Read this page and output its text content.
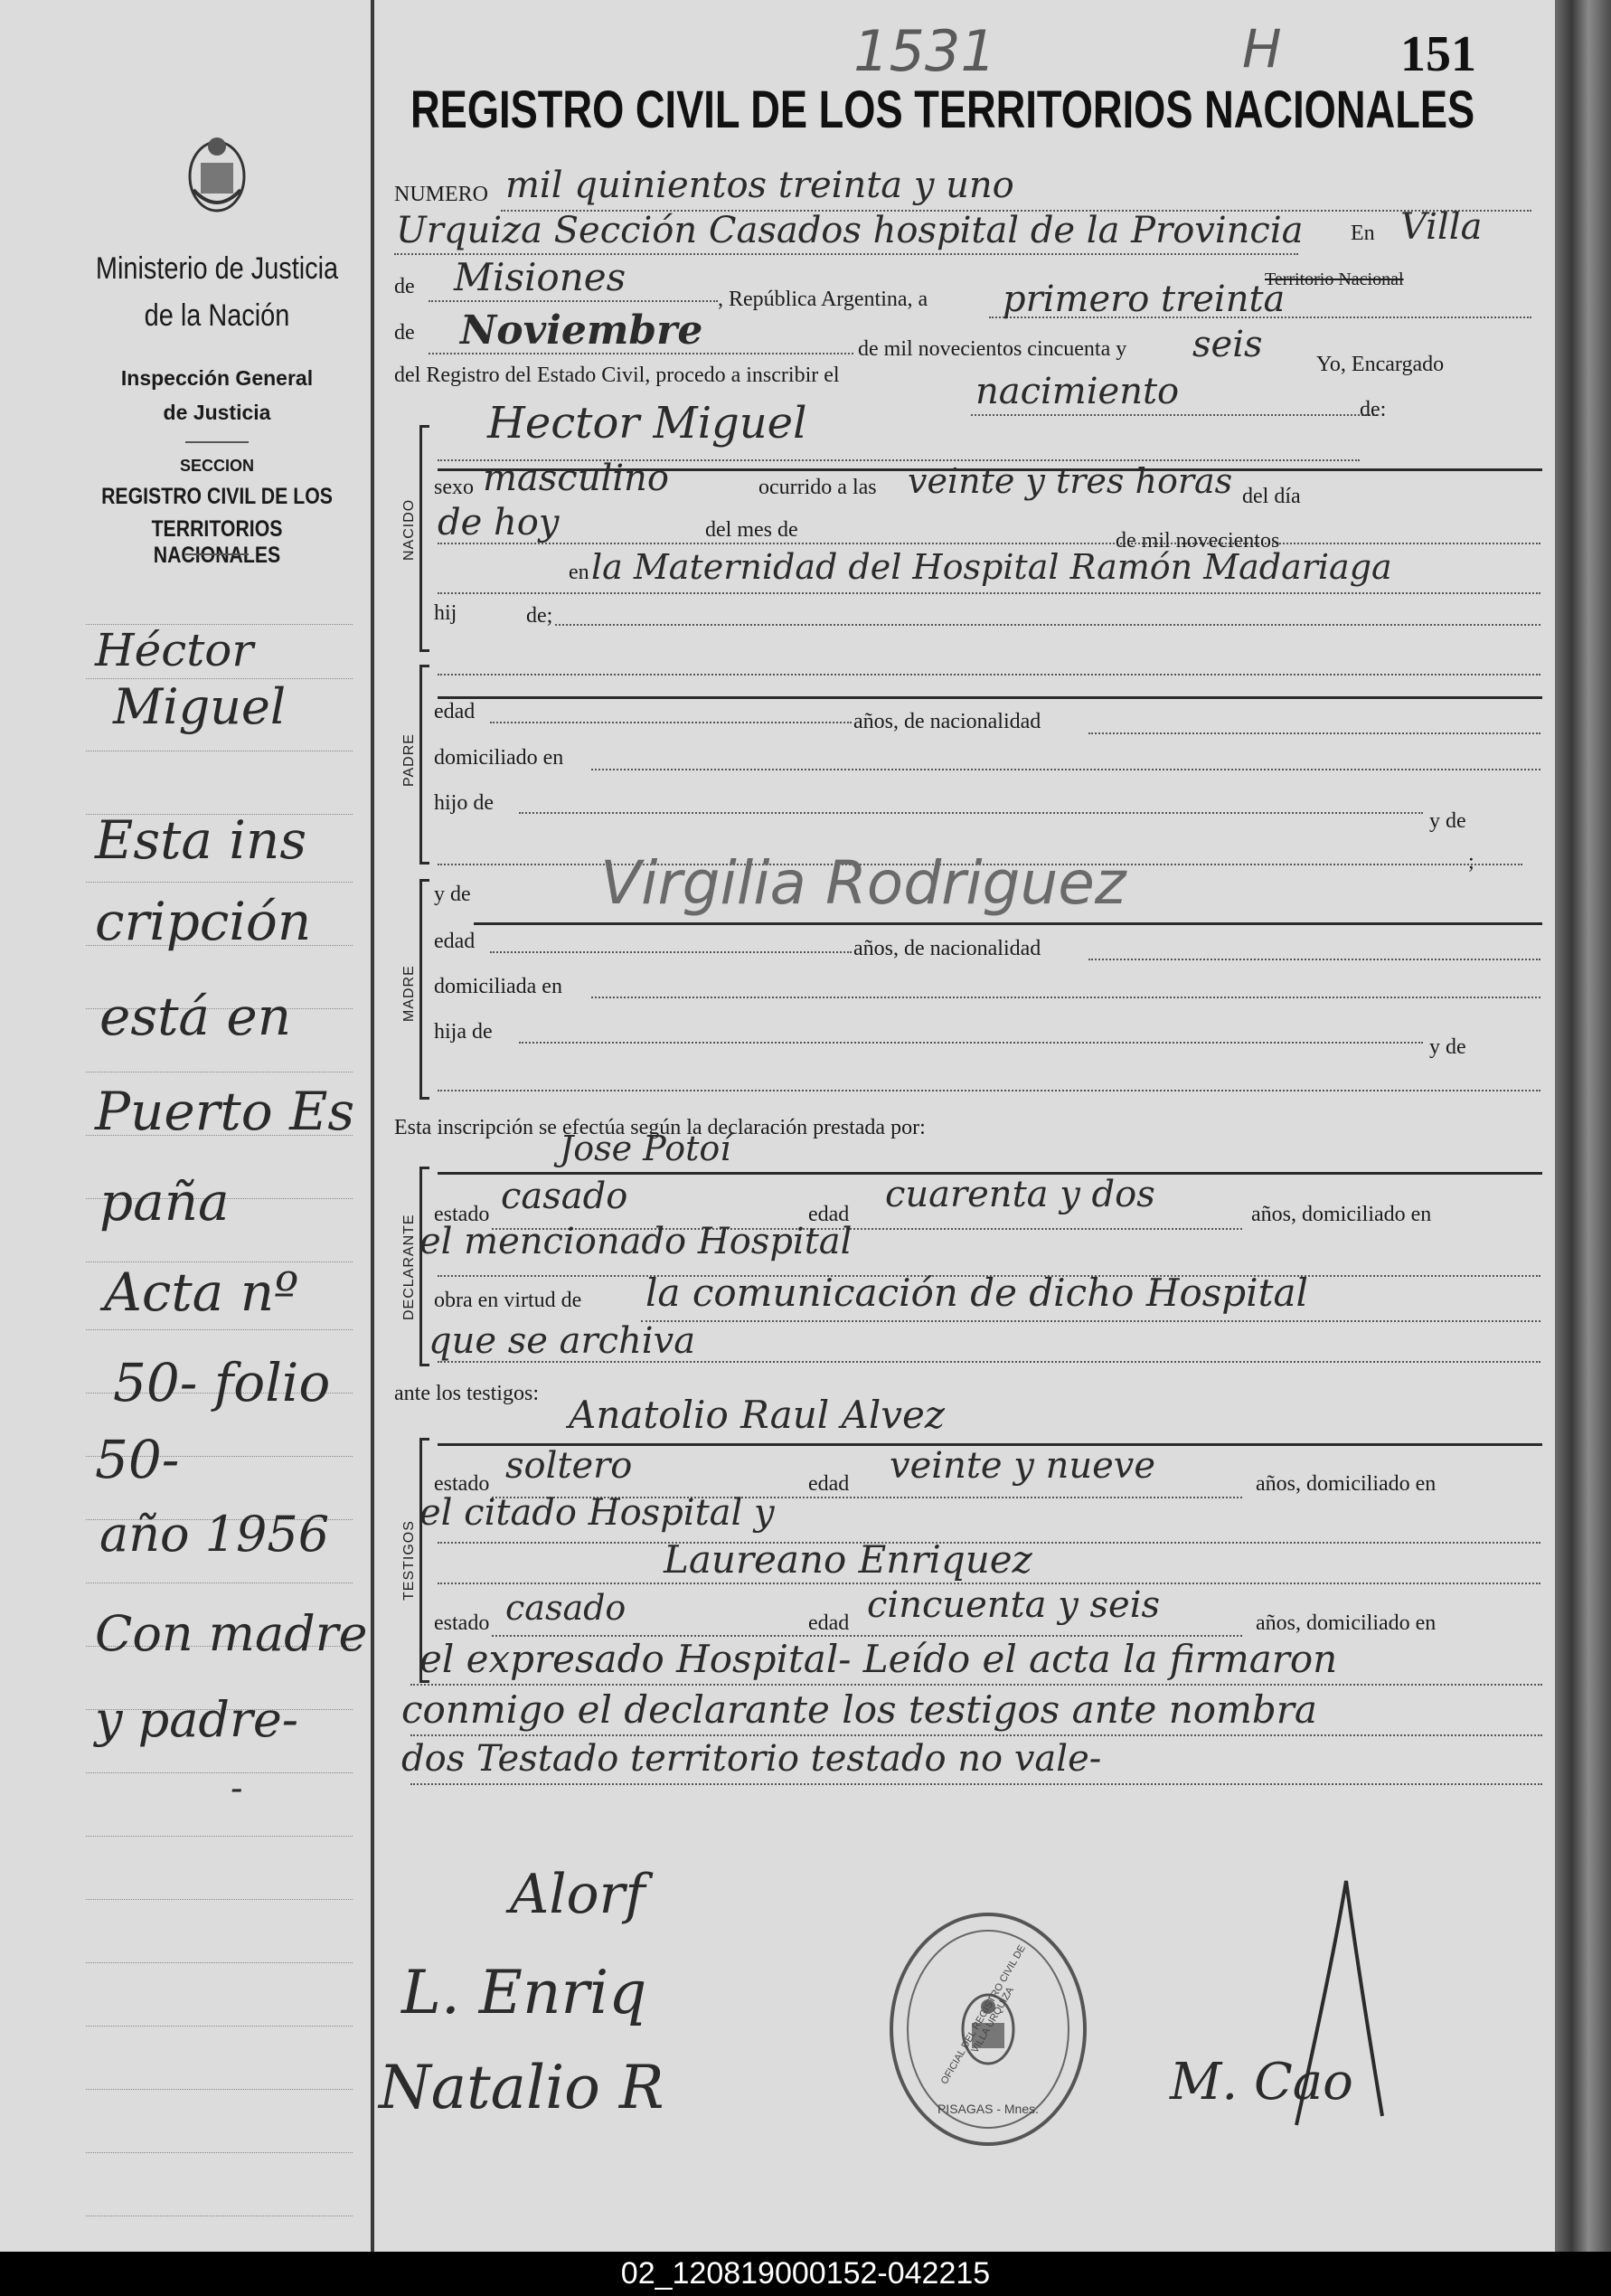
Ministerio de Justicia
de la Nación
Inspección General
de Justicia
SECCION
REGISTRO CIVIL DE LOS
TERRITORIOS NACIONALES
Héctor
Miguel
Esta ins
cripción
está en
Puerto Es
paña
Acta nº
50- folio
50-
año 1956
Con madre
y padre-
-
1531	H 151
REGISTRO CIVIL DE LOS TERRITORIOS NACIONALES
NUMERO mil quinientos treinta y uno
Urquiza Sección Casados hospital de la Provincia En Villa
de Misiones	Territorio Nacional
de
, República Argentina, a primero treinta
Noviembre	de mil novecientos cincuenta y seis Yo, Encargado
del Registro del Estado Civil, procedo a inscribir el	nacimiento	de:
NACIDO
Hector Miguel
sexo masculino	ocurrido a las veinte y tres horas del día
de hoy	del mes de	de mil novecientos
en la Maternidad del Hospital Ramón Madariaga
hij	de;
PADRE
edad	años, de nacionalidad
domiciliado en
hijo de
y de
;
MADRE
y de Virgilia Rodriguez
edad	años, de nacionalidad
domiciliada en
hija de
y de
Esta inscripción se efectúa según la declaración prestada por:
Jose Potoí
DECLARANTE estado casado	edad cuarenta y dos	años, domiciliado en
el mencionado Hospital
obra en virtud de la comunicación de dicho Hospital
que se archiva
ante los testigos: Anatolio Raul Alvez
TESTIGOS
estado soltero	edad veinte y nueve	años, domiciliado en
el citado Hospital y
Laureano Enriquez
estado casado	edad cincuenta y seis	años, domiciliado en
el expresado Hospital- Leído el acta la firmaron
conmigo el declarante los testigos ante nombra
dos Testado territorio testado no vale-
Alorf
L. Enriq
Natalio R	M. Cao
OFICIAL DEL REGISTRO CIVIL DE VILLA URQUIZA
PISAGAS - Mnes.
02_120819000152-042215
